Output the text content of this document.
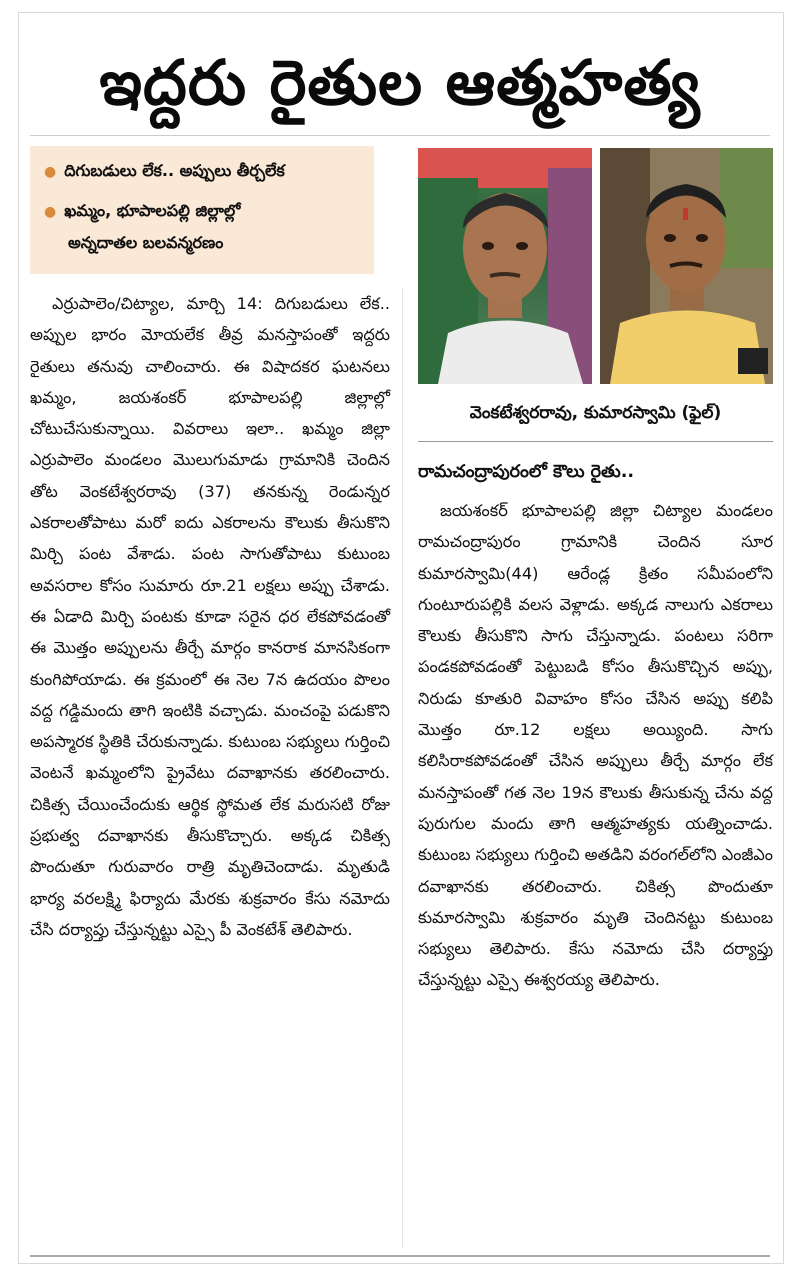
ఇద్దరు రైతుల ఆత్మహత్య
● దిగుబడులు లేక.. అప్పులు తీర్చలేక
● ఖమ్మం, భూపాలపల్లి జిల్లాల్లో
అన్నదాతల బలవన్మరణం

ఎర్రుపాలెం/చిట్యాల, మార్చి 14: దిగుబడులు లేక.. అప్పుల భారం మోయలేక తీవ్ర మనస్తాపంతో ఇద్దరు రైతులు తనువు చాలించారు. ఈ విషాదకర ఘటనలు ఖమ్మం, జయశంకర్ భూపాలపల్లి జిల్లాల్లో చోటుచేసుకున్నాయి. వివరాలు ఇలా.. ఖమ్మం జిల్లా ఎర్రుపాలెం మండలం మొలుగుమాడు గ్రామానికి చెందిన తోట వెంకటేశ్వరరావు (37) తనకున్న రెండున్నర ఎకరాలతోపాటు మరో ఐదు ఎకరాలను కౌలుకు తీసుకొని మిర్చి పంట వేశాడు. పంట సాగుతోపాటు కుటుంబ అవసరాల కోసం సుమారు రూ.21 లక్షలు అప్పు చేశాడు. ఈ ఏడాది మిర్చి పంటకు కూడా సరైన ధర లేకపోవడంతో ఈ మొత్తం అప్పులను తీర్చే మార్గం కానరాక మానసికంగా కుంగిపోయాడు. ఈ క్రమంలో ఈ నెల 7న ఉదయం పొలం వద్ద గడ్డిమందు తాగి ఇంటికి వచ్చాడు. మంచంపై పడుకొని అపస్మారక స్థితికి చేరుకున్నాడు. కుటుంబ సభ్యులు గుర్తించి వెంటనే ఖమ్మంలోని ప్రైవేటు దవాఖానకు తరలించారు. చికిత్స చేయించేందుకు ఆర్థిక స్థోమత లేక మరుసటి రోజు ప్రభుత్వ దవాఖానకు తీసుకొచ్చారు. అక్కడ చికిత్స పొందుతూ గురువారం రాత్రి మృతిచెందాడు. మృతుడి భార్య వరలక్ష్మి ఫిర్యాదు మేరకు శుక్రవారం కేసు నమోదు చేసి దర్యాప్తు చేస్తున్నట్టు ఎస్సై పీ వెంకటేశ్ తెలిపారు.

వెంకటేశ్వరరావు, కుమారస్వామి (ఫైల్)
రామచంద్రాపురంలో కౌలు రైతు..

జయశంకర్ భూపాలపల్లి జిల్లా చిట్యాల మండలం రామచంద్రాపురం గ్రామానికి చెందిన సూర కుమారస్వామి(44) ఆరేండ్ల క్రితం సమీపంలోని గుంటూరుపల్లికి వలస వెళ్లాడు. అక్కడ నాలుగు ఎకరాలు కౌలుకు తీసుకొని సాగు చేస్తున్నాడు. పంటలు సరిగా పండకపోవడంతో పెట్టుబడి కోసం తీసుకొచ్చిన అప్పు, నిరుడు కూతురి వివాహం కోసం చేసిన అప్పు కలిపి మొత్తం రూ.12 లక్షలు అయ్యింది. సాగు కలిసిరాకపోవడంతో చేసిన అప్పులు తీర్చే మార్గం లేక మనస్తాపంతో గత నెల 19న కౌలుకు తీసుకున్న చేను వద్ద పురుగుల మందు తాగి ఆత్మహత్యకు యత్నించాడు. కుటుంబ సభ్యులు గుర్తించి అతడిని వరంగల్‌లోని ఎంజీఎం దవాఖానకు తరలించారు. చికిత్స పొందుతూ కుమారస్వామి శుక్రవారం మృతి చెందినట్టు కుటుంబ సభ్యులు తెలిపారు. కేసు నమోదు చేసి దర్యాప్తు చేస్తున్నట్టు ఎస్సై ఈశ్వరయ్య తెలిపారు.
